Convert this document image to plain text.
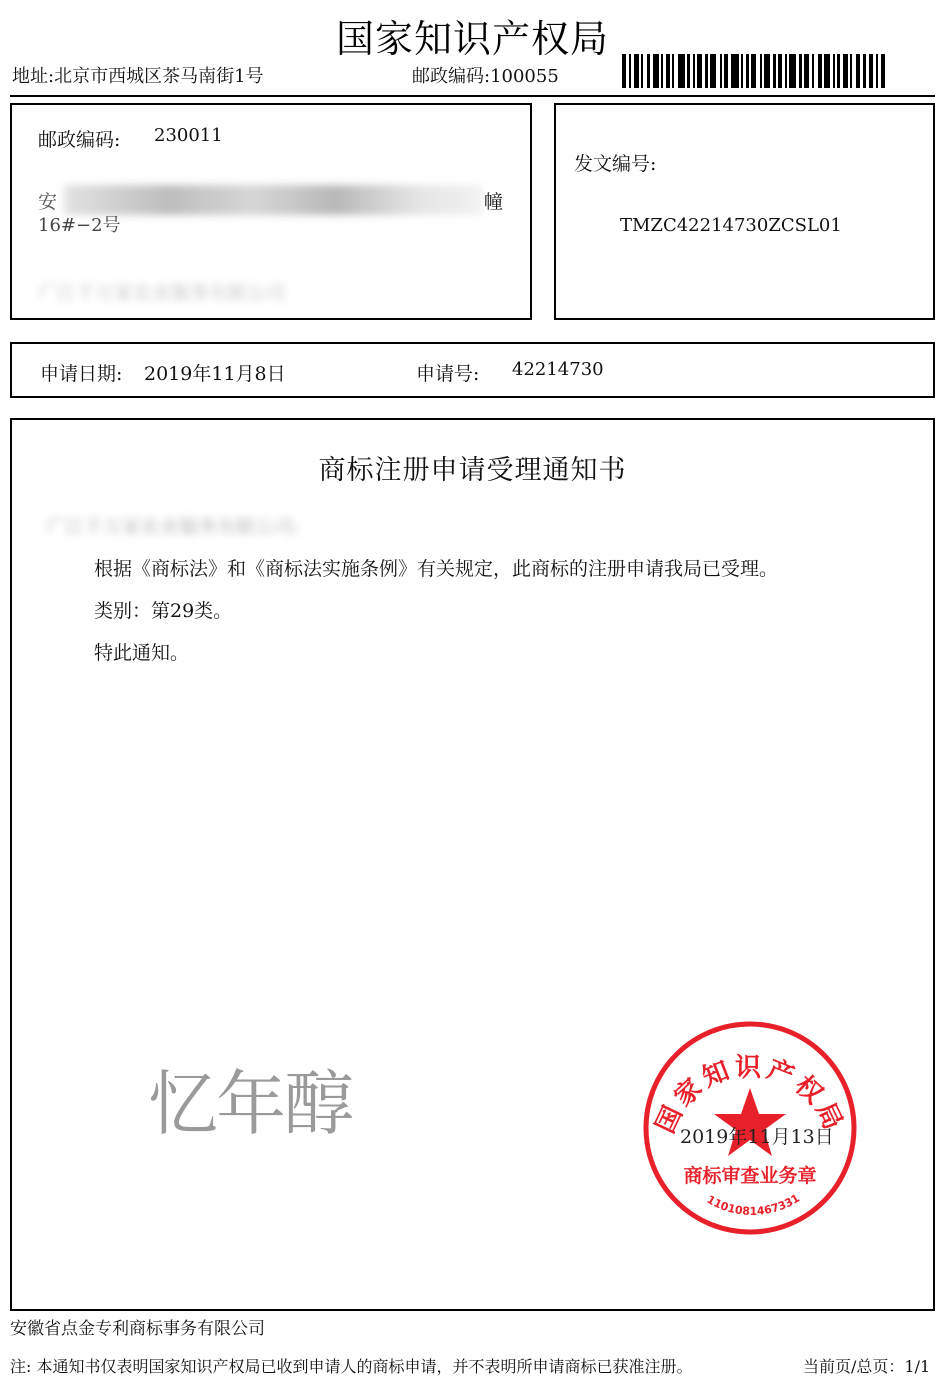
国家知识产权局
地址:北京市西城区茶马南街1号	邮政编码:100055
邮政编码: 230011
安	幢
16#−2号
广江千万家农业服务有限公司
发文编号:
TMZC42214730ZCSL01
申请日期: 2019年11月8日	申请号: 42214730
商标注册申请受理通知书
广江千万家农业服务有限公司:
根据《商标法》和《商标法实施条例》有关规定，此商标的注册申请我局已受理。
类别：第29类。
特此通知。
忆年醇	国家知识产权局
商标审查业务章
1101081467331
2019年11月13日
安徽省点金专利商标事务有限公司
注: 本通知书仅表明国家知识产权局已收到申请人的商标申请，并不表明所申请商标已获准注册。	当前页/总页：1/1
